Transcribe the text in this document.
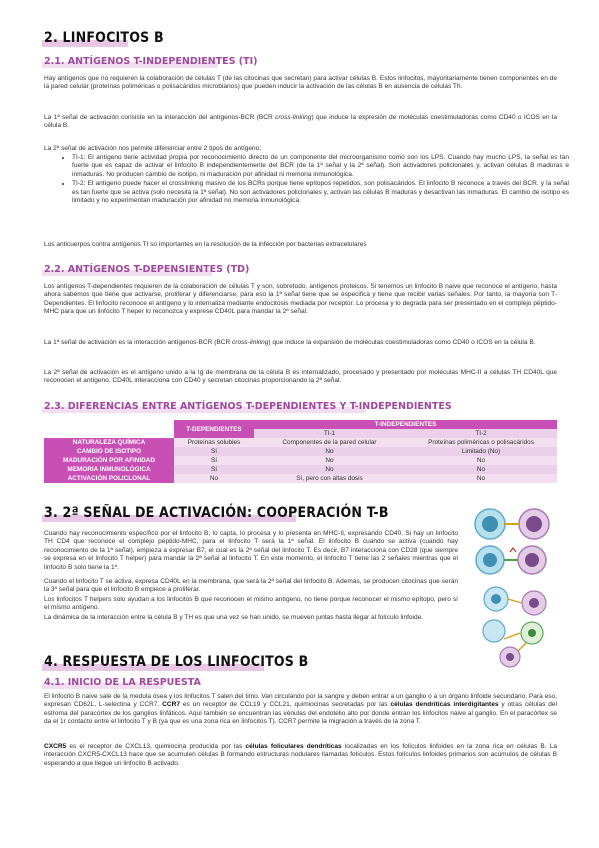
2. LINFOCITOS B
2.1. ANTÍGENOS T-INDEPENDIENTES (TI)
Hay antígenos que no requieren la colaboración de células T (de las citocinas que secretan) para activar células B. Estos linfocitos, mayoritariamente tienen componentes en de la pared celular (proteínas poliméricas o polisacáridos microbianos) que pueden inducir la activación de las células B en ausencia de células Th.
La 1ª señal de activación consiste en la interacción del antígenos-BCR (BCR cross-linking) que induce la expresión de moléculas coestimuladoras como CD40 o ICOS en la célula B.
La 2ª señal de activación nos permite diferenciar entre 2 tipos de antígeno:
• TI-1: El antígeno tiene actividad propia por reconocimiento directo de un componente del microorganismo como son los LPS. Cuando hay mucho LPS, la señal es tan fuerte que es capaz de activar el linfocito B independientemente del BCR (de la 1ª señal y la 2ª señal). Son activadores policlonales y, activan células B maduras e inmaduras. No producen cambio de isotipo, ni maduración por afinidad ni memoria inmunológica.
• TI-2: El antígeno puede hacer el crosslinking masivo de los BCRs porque tiene epítopos repetidos, son polisacáridos. El linfocito B reconoce a través del BCR, y la señal es tan fuerte que se activa (solo necesita la 1ª señal). No son activadores policlonales y, activan las células B maduras y desactivan las inmaduras. El cambio de isotipo es limitado y no experimentan maduración por afinidad no memoria inmunológica.
Los anticuerpos contra antígenos TI so importantes en la resolución de la infección por bacterias extracelulares
2.2. ANTÍGENOS T-DEPENSIENTES (TD)
Los antígenos T-dependientes requieren de la colaboración de células T y son, sobretodo, antígenos proteicos. Si tenemos un linfocito B naive que reconoce el antígeno, hasta ahora sabemos que tiene que activarse, proliferar y diferenciarse, para eso la 1ª señal tiene que se especifica y tiene que recibir varias señales. Por tanto, la mayoría son T-Dependientes. El linfocito reconoce el antígeno y lo internaliza mediante endocitosis mediada por receptor. Lo procesa y lo degrada para ser presentado en el complejo péptido-MHC para que un linfocito T heper lo reconozca y exprese CD40L para mandar la 2ª señal.
La 1ª señal de activación es la interacción antígenos-BCR (BCR cross-linking) que induce la expansión de moléculas coestimuladoras como CD40 o ICOS en la célula B.
La 2ª señal de activación es el antígeno unido a la Ig de membrana de la célula B es internalizado, procesado y presentado por moléculas MHC-II a células TH CD40L que reconocen el antígeno. CD40L interacciona con CD40 y secretan citocinas proporcionando la 2ª señal.
2.3. DIFERENCIAS ENTRE ANTÍGENOS T-DEPENDIENTES Y T-INDEPENDIENTES
	T-DEPENDIENTES	T-INDEPENDIENTES	
		TI-1	TI-2
NATURALEZA QUÍMICA	Proteínas solubles	Componentes de la pared celular	Proteínas poliméricas o polisacáridos
CAMBIO DE ISOTIPO	Sí	No	Limitado (No)
MADURACIÓN POR AFINIDAD	Sí	No	No
MEMORIA INMUNOLÓGICA	Sí	No	No
ACTIVACIÓN POLICLONAL	No	Sí, pero con altas dosis	No
3. 2ª SEÑAL DE ACTIVACIÓN: COOPERACIÓN T-B
Cuando hay reconocimiento específico por el linfocito B, lo capta, lo procesa y lo presenta en MHC-II, expresando CD40. Si hay un linfocito TH CD4 que reconoce el complejo péptido-MHC, para el linfocito T será la 1ª señal. El linfocito B cuando se activa (cuando hay reconocimiento de la 1ª señal), empieza a expresar B7, el cual es la 2ª señal del linfocito T. Es decir, B7 interacciona con CD28 (que siempre se expresa en el linfocito T helper) para mandar la 2ª señal al linfocito T. En este momento, el linfocito T tiene las 2 señales mientras que el linfocito B solo tiene la 1ª.
Cuando el linfocito T se activa, expresa CD40L en la membrana, que será la 2ª señal del linfocito B. Además, se producen citocinas que serán la 3ª señal para que el linfocito B empiece a proliferar.
Los linfocitos T helpers solo ayudan a los linfocitos B que reconocen el mismo antígeno, no tiene porque reconocer el mismo epítopo, pero sí el mismo antígeno.
La dinámica de la interacción entre la célula B y TH es que una vez se han unido, se mueven juntas hasta llegar al folículo linfoide.
4. RESPUESTA DE LOS LINFOCITOS B
4.1. INICIO DE LA RESPUESTA
El linfocito B naive sale de la medula ósea y los linfocitos T salen del timo. Van circulando por la sangre y deben entrar a un ganglio o a un órgano linfoide secundario. Para eso, expresan CD62L, L-selectina y CCR7. CCR7 es un receptor de CCL19 y CCL21, quimiocinas secretadas por las células dendríticas interdigitantes y otras células del estroma del paracórtex de los ganglios linfáticos. Aquí también se encuentran las vénulas del endotelio alto por donde entran los linfocitos naive al ganglio. En el paracórtex se da el 1r contacto entre el linfocito T y B (ya que es una zona rica en linfocitos T). CCR7 permite la migración a través de la zona T.
CXCR5 es el receptor de CXCL13, quimiocina producida por las células foliculares dendríticas localizadas en los folículos linfoides en la zona rica en células B. La interacción CXCR5-CXCL13 hace que se acumulen células B formando estructuras nodulares llamadas folículos. Estos folículos linfoides primarios son acúmulos de células B esperando a que llegue un linfocito B activado.
